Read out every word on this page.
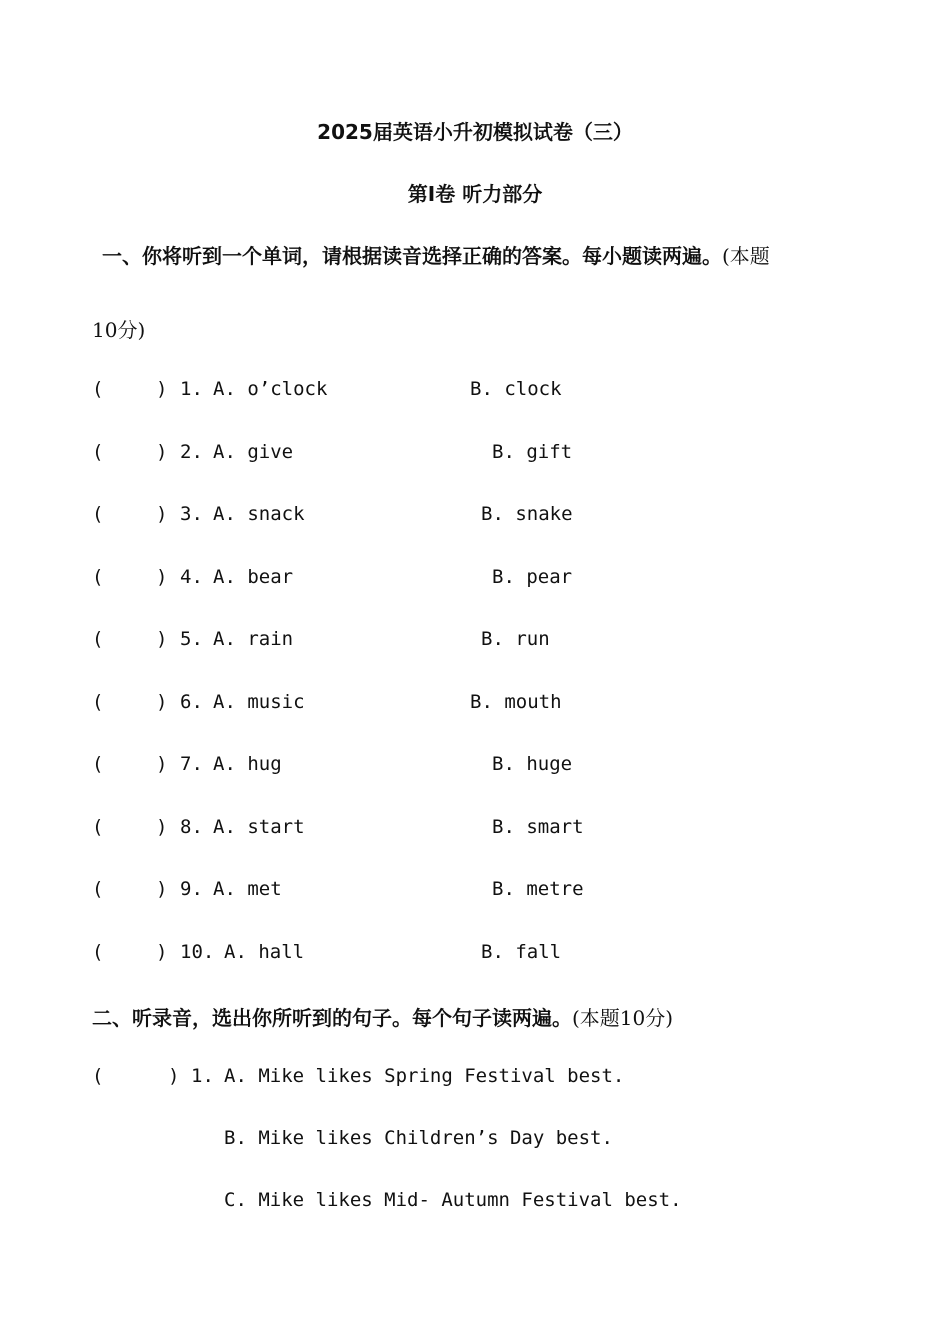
2025届英语小升初模拟试卷（三）
第Ⅰ卷 听力部分
一、你将听到一个单词，请根据读音选择正确的答案。每小题读两遍。(本题
10分)
(	) 1. A. o’clock	B. clock
(	) 2. A. give	B. gift
(	) 3. A. snack	B. snake
(	) 4. A. bear	B. pear
(	) 5. A. rain	B. run
(	) 6. A. music	B. mouth
(	) 7. A. hug	B. huge
(	) 8. A. start	B. smart
(	) 9. A. met	B. metre
(	) 10. A. hall	B. fall
二、听录音，选出你所听到的句子。每个句子读两遍。(本题10分)
(	) 1. A. Mike likes Spring Festival best.
B. Mike likes Children’s Day best.
C. Mike likes Mid- Autumn Festival best.
